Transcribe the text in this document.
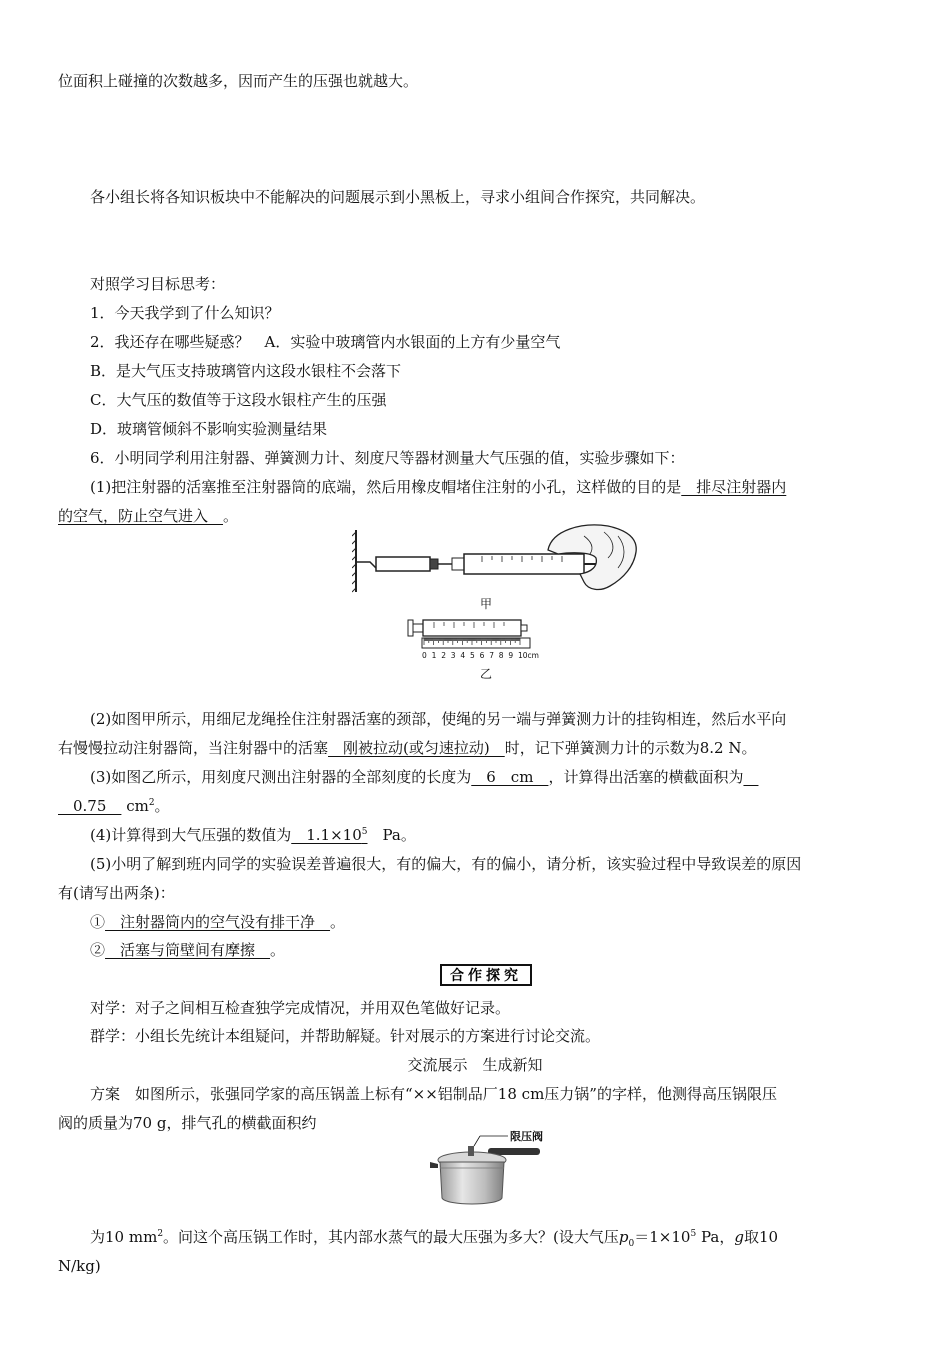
位面积上碰撞的次数越多，因而产生的压强也就越大。
各小组长将各知识板块中不能解决的问题展示到小黑板上，寻求小组间合作探究，共同解决。
对照学习目标思考：
1．今天我学到了什么知识？
2．我还存在哪些疑惑？　A．实验中玻璃管内水银面的上方有少量空气
B．是大气压支持玻璃管内这段水银柱不会落下
C．大气压的数值等于这段水银柱产生的压强
D．玻璃管倾斜不影响实验测量结果
6．小明同学利用注射器、弹簧测力计、刻度尺等器材测量大气压强的值，实验步骤如下：
(1)把注射器的活塞推至注射器筒的底端，然后用橡皮帽堵住注射的小孔，这样做的目的是　排尽注射器内
的空气，防止空气进入　。
甲
0 1 2 3 4 5 6 7 8 9 10cm
乙
(2)如图甲所示，用细尼龙绳拴住注射器活塞的颈部，使绳的另一端与弹簧测力计的挂钩相连，然后水平向
右慢慢拉动注射器筒，当注射器中的活塞　刚被拉动(或匀速拉动)　时，记下弹簧测力计的示数为8.2 N。
(3)如图乙所示，用刻度尺测出注射器的全部刻度的长度为　6　cm　，计算得出活塞的横截面积为　
　0.75　 $cm^2$。
(4)计算得到大气压强的数值为　$1.1\times 10^5$　Pa。
(5)小明了解到班内同学的实验误差普遍很大，有的偏大，有的偏小，请分析，该实验过程中导致误差的原因
有(请写出两条)：
①　注射器筒内的空气没有排干净　。
②　活塞与筒壁间有摩擦　。
合作探究
对学：对子之间相互检查独学完成情况，并用双色笔做好记录。
群学：小组长先统计本组疑问，并帮助解疑。针对展示的方案进行讨论交流。
交流展示　生成新知
方案　如图所示，张强同学家的高压锅盖上标有“××铝制品厂18 cm压力锅”的字样，他测得高压锅限压
阀的质量为70 g，排气孔的横截面积约
限压阀
为10 $mm^2$。问这个高压锅工作时，其内部水蒸气的最大压强为多大？(设大气压$p_0=1\times 10^5$ Pa，g取10
N/kg)
